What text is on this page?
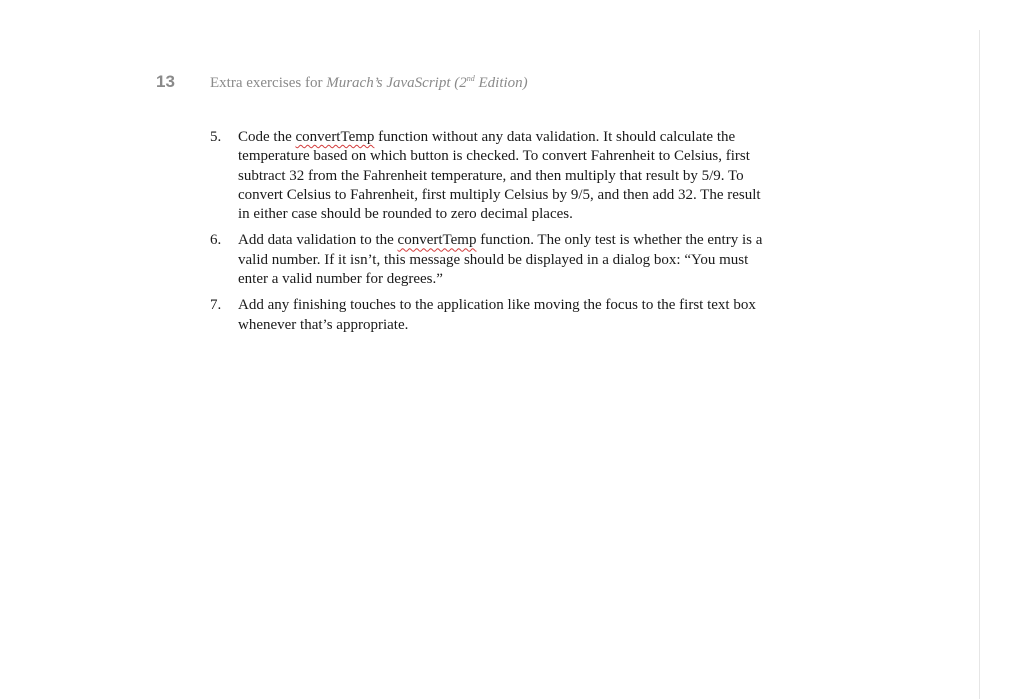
13	Extra exercises for Murach’s JavaScript (2nd Edition)
5.	Code the convertTemp function without any data validation. It should calculate the temperature based on which button is checked. To convert Fahrenheit to Celsius, first subtract 32 from the Fahrenheit temperature, and then multiply that result by 5/9. To convert Celsius to Fahrenheit, first multiply Celsius by 9/5, and then add 32. The result in either case should be rounded to zero decimal places.
6.	Add data validation to the convertTemp function. The only test is whether the entry is a valid number. If it isn’t, this message should be displayed in a dialog box: “You must enter a valid number for degrees.”
7.	Add any finishing touches to the application like moving the focus to the first text box whenever that’s appropriate.
